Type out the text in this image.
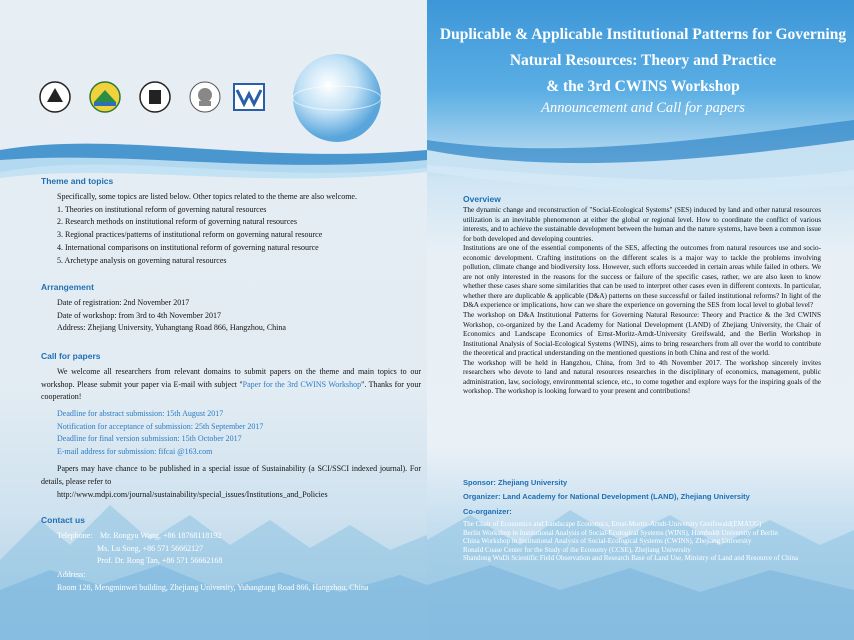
Duplicable & Applicable Institutional Patterns for Governing
Natural Resources: Theory and Practice
& the 3rd CWINS Workshop
Announcement and Call for papers
Theme and topics
Specifically, some topics are listed below. Other topics related to the theme are also welcome.
1. Theories on institutional reform of governing natural resources
2. Research methods on institutional reform of governing natural resources
3. Regional practices/patterns of institutional reform on governing natural resource
4. International comparisons on institutional reform of governing natural resource
5. Archetype analysis on governing natural resources
Arrangement
Date of registration: 2nd November 2017
Date of workshop: from 3rd to 4th November 2017
Address: Zhejiang University, Yuhangtang Road 866, Hangzhou, China
Call for papers
We welcome all researchers from relevant domains to submit papers on the theme and main topics to our workshop. Please submit your paper via E-mail with subject "Paper for the 3rd CWINS Workshop". Thanks for your cooperation!
Deadline for abstract submission: 15th August 2017
Notification for acceptance of submission: 25th September 2017
Deadline for final version submission: 15th October 2017
E-mail address for submission: fifcai @163.com
Papers may have chance to be published in a special issue of Sustainability (a SCI/SSCI indexed journal). For details, please refer to
http://www.mdpi.com/journal/sustainability/special_issues/Institutions_and_Policies
Contact us
Telephone: Mr. Rongyu Wang, +86 18768118192
Ms. Lu Song, +86 571 56662127
Prof. Dr. Rong Tan, +86 571 56662168
Address:
Room 128, Mengminwei building, Zhejiang University, Yuhangtang Road 866, Hangzhou, China
Overview

The dynamic change and reconstruction of "Social-Ecological Systems" (SES) induced by land and other natural resources utilization is an inevitable phenomenon at either the global or regional level. How to coordinate the conflict of various interests, and to achieve the sustainable development between the human and the nature systems, have been a common issue for both developed and developing countries.

Institutions are one of the essential components of the SES, affecting the outcomes from natural resources use and socio-economic development. Crafting institutions on the different scales is a major way to tackle the problems involving pollution, climate change and biodiversity loss. However, such efforts succeeded in certain areas while failed in others. We are not only interested in the reasons for the success or failure of the specific cases, rather, we are also keen to know whether these cases share some similarities that can be used to interpret other cases even in different contexts. In particular, whether there are duplicable & applicable (D&A) patterns on these successful or failed institutional reforms? In light of the D&A experience or implications, how can we share the experience on governing the SES from local level to global level?

The workshop on D&A Institutional Patterns for Governing Natural Resource: Theory and Practice & the 3rd CWINS Workshop, co-organized by the Land Academy for National Development (LAND) of Zhejiang University, the Chair of Economics and Landscape Economics of Ernst-Moritz-Arndt-University Greifswald, and the Berlin Workshop in Institutional Analysis of Social-Ecological Systems (WINS), aims to bring researchers from all over the world to contribute the theoretical and practical understanding on the mentioned questions in both China and rest of the world.

The workshop will be held in Hangzhou, China, from 3rd to 4th November 2017. The workshop sincerely invites researchers who devote to land and natural resources researches in the disciplinary of economics, management, public administration, law, sociology, environmental science, etc., to come together and explore ways for the inspiring goals of the workshop. The workshop is looking forward to your present and contributions!

Sponsor: Zhejiang University
Organizer: Land Academy for National Development (LAND), Zhejiang University
Co-organizer:
The Chair of Economics and Landscape Economics, Ernst-Moritz-Arndt-University Greifswald(EMAUG)
Berlin Workshop in Institutional Analysis of Social-Ecological Systems (WINS), Humboldt University of Berlin
China Workshop in Institutional Analysis of Social-Ecological Systems (CWINS), Zhejiang University
Ronald Coase Center for the Study of the Economy (CCSE), Zhejiang University
Shandong WuDi Scientific Field Observation and Research Base of Land Use, Ministry of Land and Resource of China
